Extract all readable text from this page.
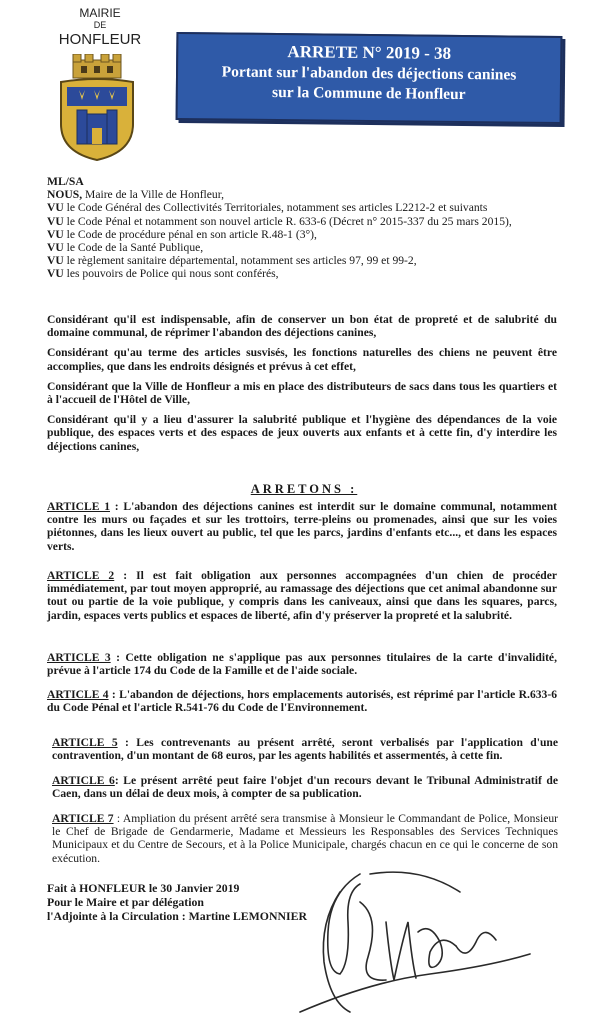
MAIRIE
DE
HONFLEUR
ARRETE N° 2019 - 38
Portant sur l'abandon des déjections canines
sur la Commune de Honfleur

ML/SA

NOUS, Maire de la Ville de Honfleur,

VU le Code Général des Collectivités Territoriales, notamment ses articles L2212-2 et suivants

VU le Code Pénal et notamment son nouvel article R. 633-6 (Décret n° 2015-337 du 25 mars 2015),

VU le Code de procédure pénal en son article R.48-1 (3°),

VU le Code de la Santé Publique,

VU le règlement sanitaire départemental, notamment ses articles 97, 99 et 99-2,

VU les pouvoirs de Police qui nous sont conférés,

Considérant qu'il est indispensable, afin de conserver un bon état de propreté et de salubrité du domaine communal, de réprimer l'abandon des déjections canines,

Considérant qu'au terme des articles susvisés, les fonctions naturelles des chiens ne peuvent être accomplies, que dans les endroits désignés et prévus à cet effet,

Considérant que la Ville de Honfleur a mis en place des distributeurs de sacs dans tous les quartiers et à l'accueil de l'Hôtel de Ville,

Considérant qu'il y a lieu d'assurer la salubrité publique et l'hygiène des dépendances de la voie publique, des espaces verts et des espaces de jeux ouverts aux enfants et à cette fin, d'y interdire les déjections canines,

ARRETONS :

ARTICLE 1 : L'abandon des déjections canines est interdit sur le domaine communal, notamment contre les murs ou façades et sur les trottoirs, terre-pleins ou promenades, ainsi que sur les voies piétonnes, dans les lieux ouvert au public, tel que les parcs, jardins d'enfants etc..., et dans les espaces verts.

ARTICLE 2 : Il est fait obligation aux personnes accompagnées d'un chien de procéder immédiatement, par tout moyen approprié, au ramassage des déjections que cet animal abandonne sur tout ou partie de la voie publique, y compris dans les caniveaux, ainsi que dans les squares, parcs, jardin, espaces verts publics et espaces de liberté, afin d'y préserver la propreté et la salubrité.

ARTICLE 3 : Cette obligation ne s'applique pas aux personnes titulaires de la carte d'invalidité, prévue à l'article 174 du Code de la Famille et de l'aide sociale.

ARTICLE 4 : L'abandon de déjections, hors emplacements autorisés, est réprimé par l'article R.633-6 du Code Pénal et l'article R.541-76 du Code de l'Environnement.

ARTICLE 5 : Les contrevenants au présent arrêté, seront verbalisés par l'application d'une contravention, d'un montant de 68 euros, par les agents habilités et assermentés, à cette fin.

ARTICLE 6: Le présent arrêté peut faire l'objet d'un recours devant le Tribunal Administratif de Caen, dans un délai de deux mois, à compter de sa publication.

ARTICLE 7 : Ampliation du présent arrêté sera transmise à Monsieur le Commandant de Police, Monsieur le Chef de Brigade de Gendarmerie, Madame et Messieurs les Responsables des Services Techniques Municipaux et du Centre de Secours, et à la Police Municipale, chargés chacun en ce qui le concerne de son exécution.

Fait à HONFLEUR le 30 Janvier 2019

Pour le Maire et par délégation

l'Adjointe à la Circulation : Martine LEMONNIER
